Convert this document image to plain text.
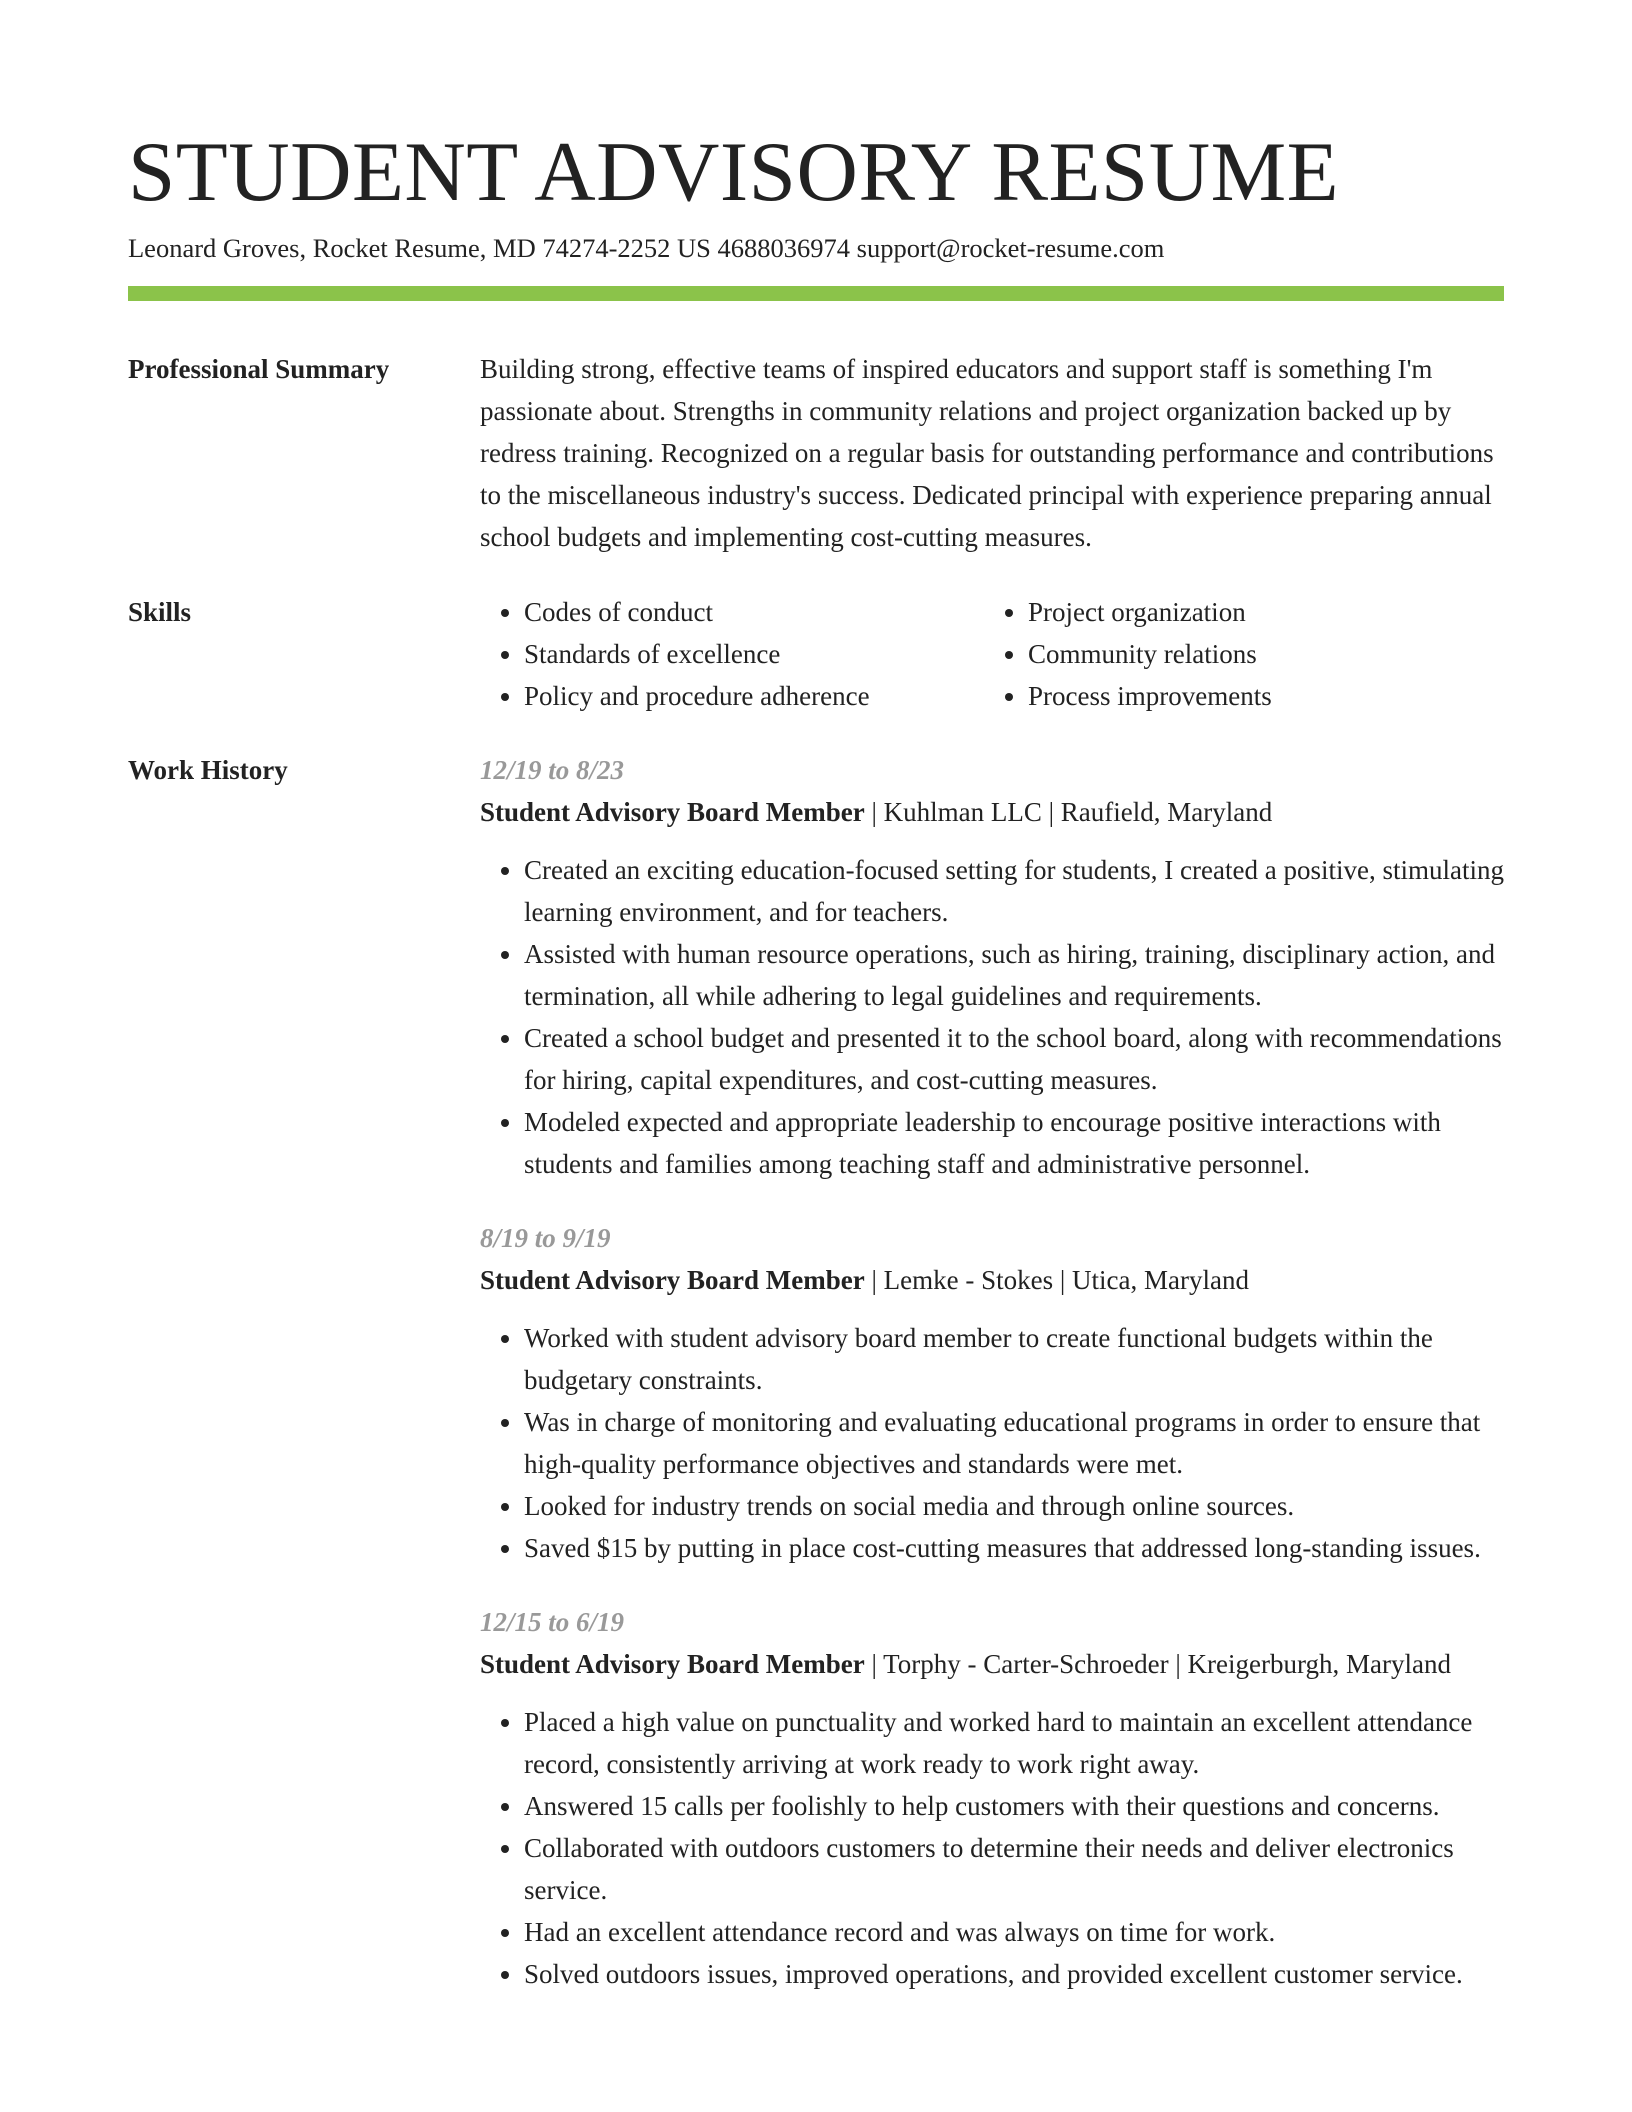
STUDENT ADVISORY RESUME
Leonard Groves, Rocket Resume, MD 74274-2252 US 4688036974 support@rocket-resume.com
Professional Summary	Building strong, effective teams of inspired educators and support staff is something I'm passionate about. Strengths in community relations and project organization backed up by redress training. Recognized on a regular basis for outstanding performance and contributions to the miscellaneous industry's success. Dedicated principal with experience preparing annual school budgets and implementing cost-cutting measures.

Skills
•	Codes of conduct
• Standards of excellence
• Policy and procedure adherence
• Project organization
• Community relations
• Process improvements
Work History	12/19 to 8/23
Student Advisory Board Member | Kuhlman LLC | Raufield, Maryland
• Created an exciting education-focused setting for students, I created a positive, stimulating learning environment, and for teachers.
• Assisted with human resource operations, such as hiring, training, disciplinary action, and termination, all while adhering to legal guidelines and requirements.
• Created a school budget and presented it to the school board, along with recommendations for hiring, capital expenditures, and cost-cutting measures.
• Modeled expected and appropriate leadership to encourage positive interactions with students and families among teaching staff and administrative personnel.
8/19 to 9/19
Student Advisory Board Member | Lemke - Stokes | Utica, Maryland
• Worked with student advisory board member to create functional budgets within the budgetary constraints.
• Was in charge of monitoring and evaluating educational programs in order to ensure that high-quality performance objectives and standards were met.
• Looked for industry trends on social media and through online sources.
• Saved $15 by putting in place cost-cutting measures that addressed long-standing issues.
12/15 to 6/19
Student Advisory Board Member | Torphy - Carter-Schroeder | Kreigerburgh, Maryland
• Placed a high value on punctuality and worked hard to maintain an excellent attendance record, consistently arriving at work ready to work right away.
• Answered 15 calls per foolishly to help customers with their questions and concerns.
• Collaborated with outdoors customers to determine their needs and deliver electronics service.
• Had an excellent attendance record and was always on time for work.
• Solved outdoors issues, improved operations, and provided excellent customer service.
